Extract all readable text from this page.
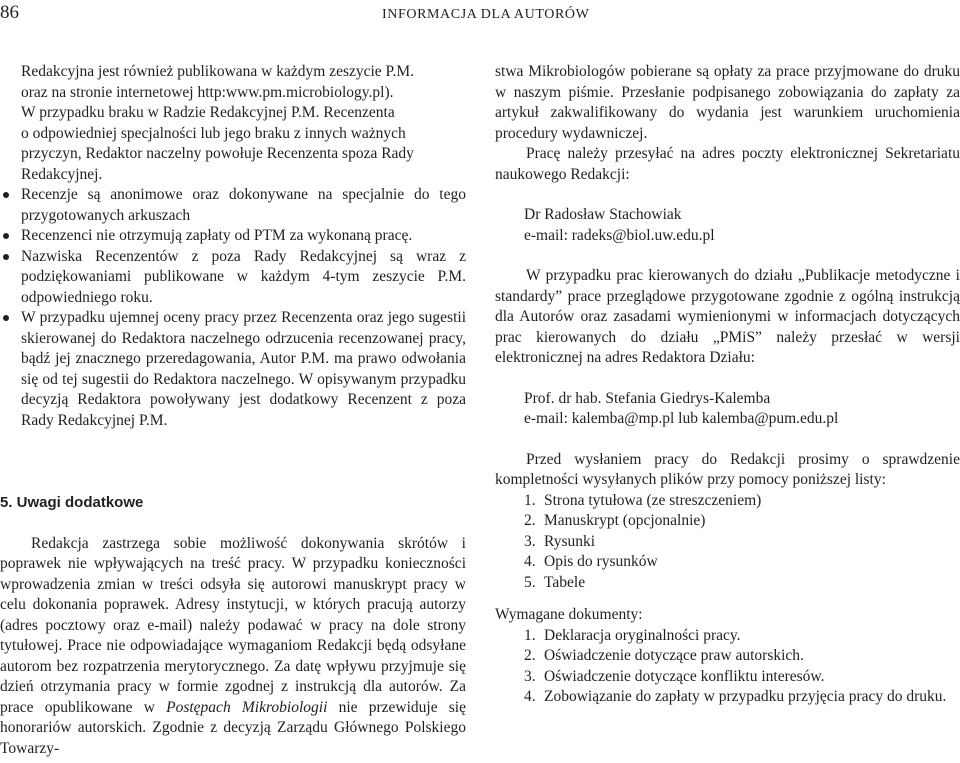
86	INFORMACJA DLA AUTORÓW
Redakcyjna jest również publikowana w każdym zeszycie P.M.
oraz na stronie internetowej http:www.pm.microbiology.pl).
W przypadku braku w Radzie Redakcyjnej P.M. Recenzenta
o odpowiedniej specjalności lub jego braku z innych ważnych
przyczyn, Redaktor naczelny powołuje Recenzenta spoza Rady
Redakcyjnej.
Recenzje są anonimowe oraz dokonywane na specjalnie do tego przygotowanych arkuszach
Recenzenci nie otrzymują zapłaty od PTM za wykonaną pracę.
Nazwiska Recenzentów z poza Rady Redakcyjnej są wraz z podziękowaniami publikowane w każdym 4-tym zeszycie P.M. odpowiedniego roku.
W przypadku ujemnej oceny pracy przez Recenzenta oraz jego sugestii skierowanej do Redaktora naczelnego odrzucenia recenzowanej pracy, bądź jej znacznego przeredagowania, Autor P.M. ma prawo odwołania się od tej sugestii do Redaktora naczelnego. W opisywanym przypadku decyzją Redaktora powoływany jest dodatkowy Recenzent z poza Rady Redakcyjnej P.M.
5. Uwagi dodatkowe

Redakcja zastrzega sobie możliwość dokonywania skrótów i poprawek nie wpływających na treść pracy. W przypadku konieczności wprowadzenia zmian w treści odsyła się autorowi manuskrypt pracy w celu dokonania poprawek. Adresy instytucji, w których pracują autorzy (adres pocztowy oraz e-mail) należy podawać w pracy na dole strony tytułowej. Prace nie odpowiadające wymaganiom Redakcji będą odsyłane autorom bez rozpatrzenia merytorycznego. Za datę wpływu przyjmuje się dzień otrzymania pracy w formie zgodnej z instrukcją dla autorów. Za prace opublikowane w Postępach Mikrobiologii nie przewiduje się honorariów autorskich. Zgodnie z decyzją Zarządu Głównego Polskiego Towarzy-

stwa Mikrobiologów pobierane są opłaty za prace przyjmowane do druku w naszym piśmie. Przesłanie podpisanego zobowiązania do zapłaty za artykuł zakwalifikowany do wydania jest warunkiem uruchomienia procedury wydawniczej.

Pracę należy przesyłać na adres poczty elektronicznej Sekretariatu naukowego Redakcji:

Dr Radosław Stachowiak
e-mail: radeks@biol.uw.edu.pl

W przypadku prac kierowanych do działu „Publikacje metodyczne i standardy” prace przeglądowe przygotowane zgodnie z ogólną instrukcją dla Autorów oraz zasadami wymienionymi w informacjach dotyczących prac kierowanych do działu „PMiS” należy przesłać w wersji elektronicznej na adres Redaktora Działu:

Prof. dr hab. Stefania Giedrys-Kalemba
e-mail: kalemba@mp.pl lub kalemba@pum.edu.pl

Przed wysłaniem pracy do Redakcji prosimy o sprawdzenie kompletności wysyłanych plików przy pomocy poniższej listy:

1. Strona tytułowa (ze streszczeniem)
2. Manuskrypt (opcjonalnie)
3. Rysunki
4. Opis do rysunków
5. Tabele
Wymagane dokumenty:
1. Deklaracja oryginalności pracy.
2. Oświadczenie dotyczące praw autorskich.
3. Oświadczenie dotyczące konfliktu interesów.
4. Zobowiązanie do zapłaty w przypadku przyjęcia pracy do druku.
